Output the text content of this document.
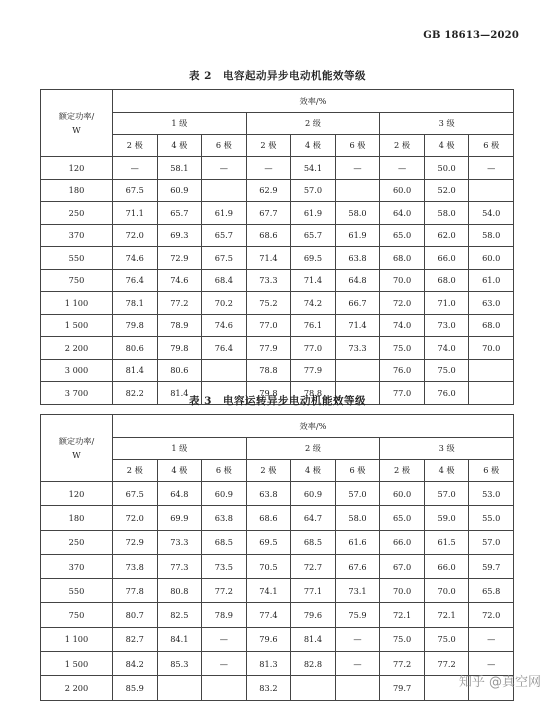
GB 18613—2020
表 2　电容起动异步电动机能效等级
额定功率/
W	效率/%								
	1 级			2 级			3 级		
	2 极	4 极	6 极	2 极	4 极	6 极	2 极	4 极	6 极
120	—	58.1	—	—	54.1	—	—	50.0	—
180	67.5	60.9		62.9	57.0		60.0	52.0	
250	71.1	65.7	61.9	67.7	61.9	58.0	64.0	58.0	54.0
370	72.0	69.3	65.7	68.6	65.7	61.9	65.0	62.0	58.0
550	74.6	72.9	67.5	71.4	69.5	63.8	68.0	66.0	60.0
750	76.4	74.6	68.4	73.3	71.4	64.8	70.0	68.0	61.0
1 100	78.1	77.2	70.2	75.2	74.2	66.7	72.0	71.0	63.0
1 500	79.8	78.9	74.6	77.0	76.1	71.4	74.0	73.0	68.0
2 200	80.6	79.8	76.4	77.9	77.0	73.3	75.0	74.0	70.0
3 000	81.4	80.6		78.8	77.9		76.0	75.0	
3 700	82.2	81.4		79.8	78.8		77.0	76.0	
表 3　电容运转异步电动机能效等级
额定功率/
W	效率/%								
	1 级			2 级			3 级		
	2 极	4 极	6 极	2 极	4 极	6 极	2 极	4 极	6 极
120	67.5	64.8	60.9	63.8	60.9	57.0	60.0	57.0	53.0
180	72.0	69.9	63.8	68.6	64.7	58.0	65.0	59.0	55.0
250	72.9	73.3	68.5	69.5	68.5	61.6	66.0	61.5	57.0
370	73.8	77.3	73.5	70.5	72.7	67.6	67.0	66.0	59.7
550	77.8	80.8	77.2	74.1	77.1	73.1	70.0	70.0	65.8
750	80.7	82.5	78.9	77.4	79.6	75.9	72.1	72.1	72.0
1 100	82.7	84.1	—	79.6	81.4	—	75.0	75.0	—
1 500	84.2	85.3	—	81.3	82.8	—	77.2	77.2	—
2 200	85.9			83.2			79.7			知乎 @真空网
